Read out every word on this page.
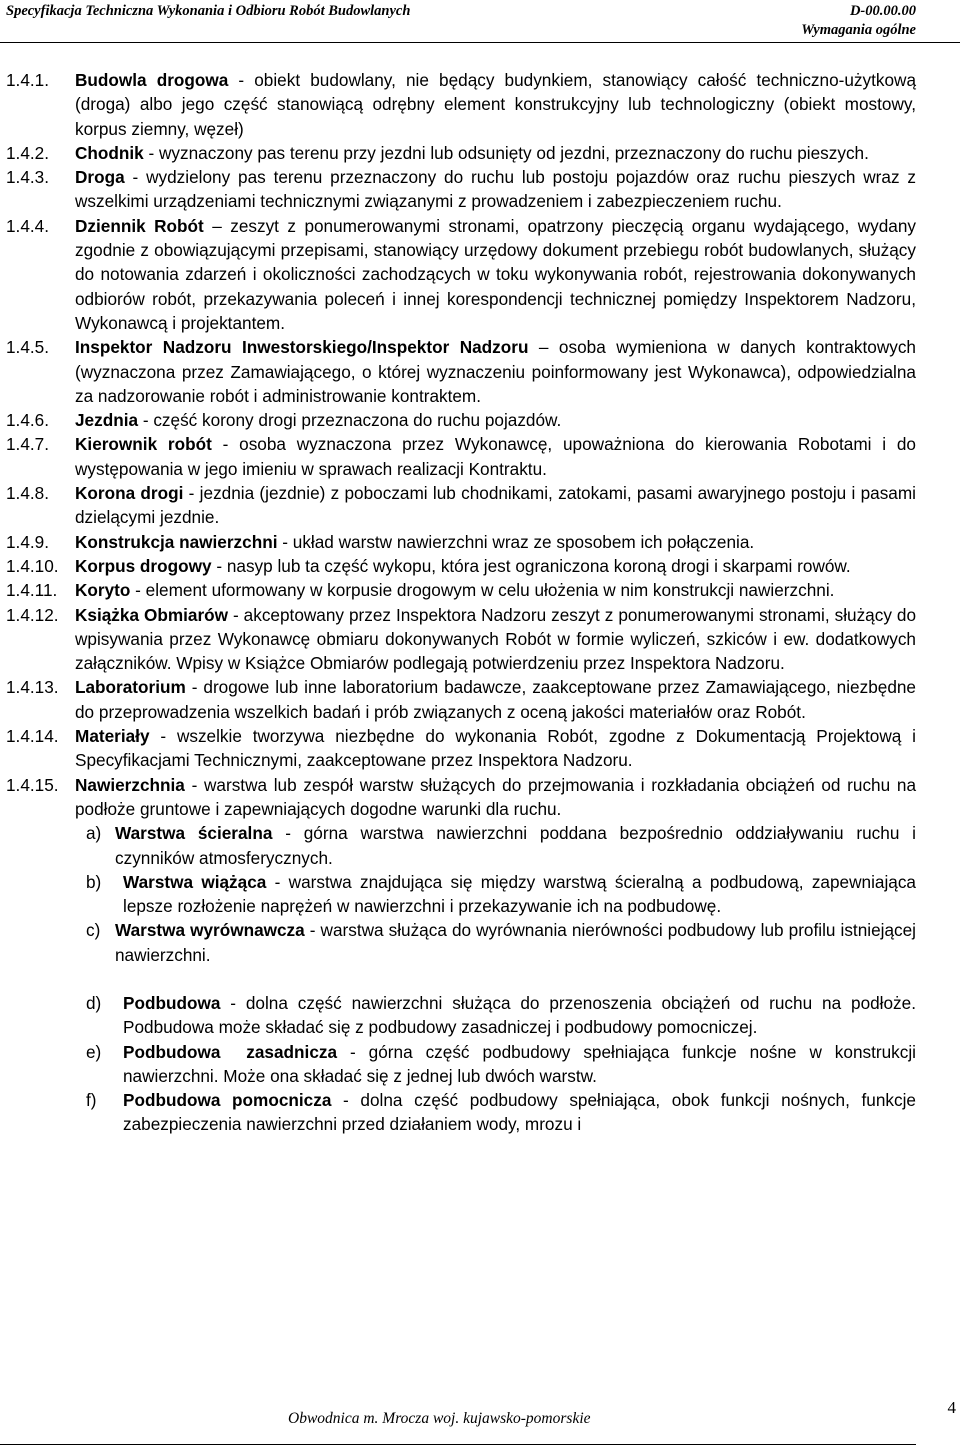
Specyfikacja Techniczna Wykonania i Odbioru Robót Budowlanych	D-00.00.00
Wymagania ogólne
1.4.1.	Budowla drogowa - obiekt budowlany, nie będący budynkiem, stanowiący całość techniczno-użytkową (droga) albo jego część stanowiącą odrębny element konstrukcyjny lub technologiczny (obiekt mostowy, korpus ziemny, węzeł)
1.4.2.	Chodnik - wyznaczony pas terenu przy jezdni lub odsunięty od jezdni, przeznaczony do ruchu pieszych.
1.4.3.	Droga - wydzielony pas terenu przeznaczony do ruchu lub postoju pojazdów oraz ruchu pieszych wraz z wszelkimi urządzeniami technicznymi związanymi z prowadzeniem i zabezpieczeniem ruchu.
1.4.4.	Dziennik Robót – zeszyt z ponumerowanymi stronami, opatrzony pieczęcią organu wydającego, wydany zgodnie z obowiązującymi przepisami, stanowiący urzędowy dokument przebiegu robót budowlanych, służący do notowania zdarzeń i okoliczności zachodzących w toku wykonywania robót, rejestrowania dokonywanych odbiorów robót, przekazywania poleceń i innej korespondencji technicznej pomiędzy Inspektorem Nadzoru, Wykonawcą i projektantem.
1.4.5.	Inspektor Nadzoru Inwestorskiego/Inspektor Nadzoru – osoba wymieniona w danych kontraktowych (wyznaczona przez Zamawiającego, o której wyznaczeniu poinformowany jest Wykonawca), odpowiedzialna za nadzorowanie robót i administrowanie kontraktem.
1.4.6.	Jezdnia - część korony drogi przeznaczona do ruchu pojazdów.
1.4.7.	Kierownik robót - osoba wyznaczona przez Wykonawcę, upoważniona do kierowania Robotami i do występowania w jego imieniu w sprawach realizacji Kontraktu.
1.4.8.	Korona drogi - jezdnia (jezdnie) z poboczami lub chodnikami, zatokami, pasami awaryjnego postoju i pasami dzielącymi jezdnie.
1.4.9.	Konstrukcja nawierzchni - układ warstw nawierzchni wraz ze sposobem ich połączenia.
1.4.10. Korpus drogowy - nasyp lub ta część wykopu, która jest ograniczona koroną drogi i skarpami rowów.
1.4.11.	Koryto - element uformowany w korpusie drogowym w celu ułożenia w nim konstrukcji nawierzchni.
1.4.12. Książka Obmiarów - akceptowany przez Inspektora Nadzoru zeszyt z ponumerowanymi stronami, służący do wpisywania przez Wykonawcę obmiaru dokonywanych Robót w formie wyliczeń, szkiców i ew. dodatkowych załączników. Wpisy w Książce Obmiarów podlegają potwierdzeniu przez Inspektora Nadzoru.
1.4.13. Laboratorium - drogowe lub inne laboratorium badawcze, zaakceptowane przez Zamawiającego, niezbędne do przeprowadzenia wszelkich badań i prób związanych z oceną jakości materiałów oraz Robót.
1.4.14. Materiały - wszelkie tworzywa niezbędne do wykonania Robót, zgodne z Dokumentacją Projektową i Specyfikacjami Technicznymi, zaakceptowane przez Inspektora Nadzoru.
1.4.15. Nawierzchnia - warstwa lub zespół warstw służących do przejmowania i rozkładania obciążeń od ruchu na podłoże gruntowe i zapewniających dogodne warunki dla ruchu.
a) Warstwa ścieralna - górna warstwa nawierzchni poddana bezpośrednio oddziaływaniu ruchu i czynników atmosferycznych.
b)	Warstwa wiążąca - warstwa znajdująca się między warstwą ścieralną a podbudową, zapewniająca lepsze rozłożenie naprężeń w nawierzchni i przekazywanie ich na podbudowę.
c) Warstwa wyrównawcza - warstwa służąca do wyrównania nierówności podbudowy lub profilu istniejącej nawierzchni.
d)	Podbudowa - dolna część nawierzchni służąca do przenoszenia obciążeń od ruchu na podłoże. Podbudowa może składać się z podbudowy zasadniczej i podbudowy pomocniczej.
e)	Podbudowa  zasadnicza - górna część podbudowy spełniająca funkcje nośne w konstrukcji nawierzchni. Może ona składać się z jednej lub dwóch warstw.
f)	Podbudowa pomocnicza - dolna część podbudowy spełniająca, obok funkcji nośnych, funkcje zabezpieczenia nawierzchni przed działaniem wody, mrozu i
Obwodnica m. Mrocza woj. kujawsko-pomorskie
4
